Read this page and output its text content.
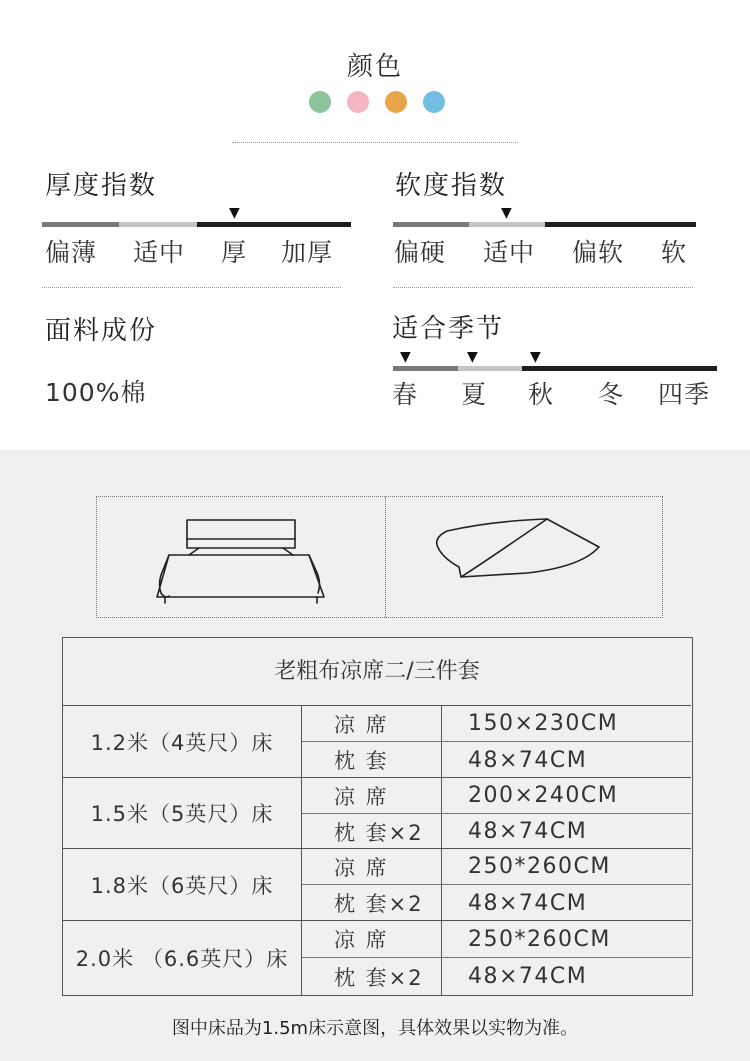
颜色
厚度指数
▼
偏薄 适中 厚 加厚
软度指数
▼
偏硬 适中 偏软 软
面料成份
100%棉
适合季节
▼	▼	▼
春 夏 秋 冬 四季
老粗布凉席二/三件套
1.2米（4英尺）床
凉 席	150×230CM
枕 套	48×74CM
1.5米（5英尺）床
凉 席	200×240CM
枕 套×2	48×74CM
1.8米（6英尺）床
凉 席	250*260CM
枕 套×2	48×74CM
2.0米 （6.6英尺）床
凉 席	250*260CM
枕 套×2	48×74CM
图中床品为1.5m床示意图，具体效果以实物为准。
